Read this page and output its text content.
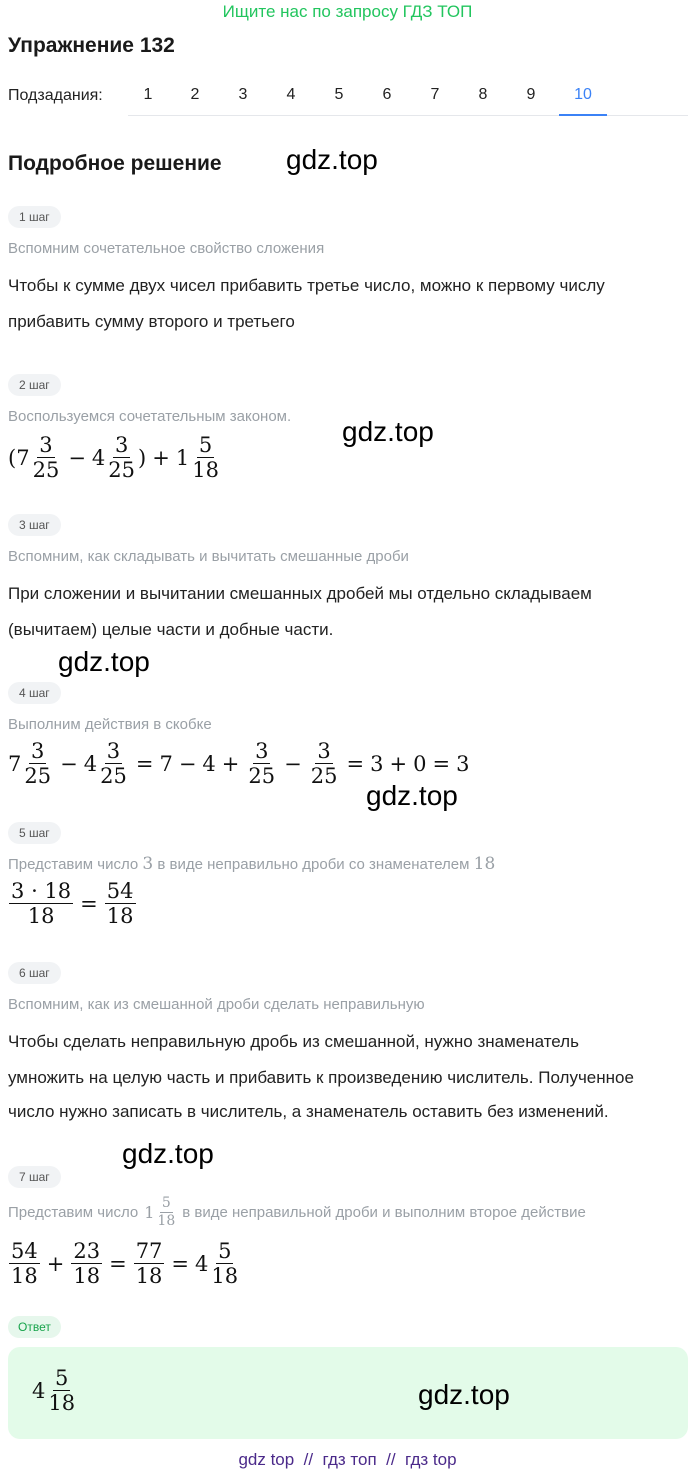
Ищите нас по запросу ГДЗ ТОП
Упражнение 132
Подзадания:	1	2	3	4	5	6	7	8	9	10
Подробное решение gdz.top
1 шаг
Вспомним сочетательное свойство сложения
Чтобы к сумме двух чисел прибавить третье число, можно к первому числу
прибавить сумму второго и третьего
2 шаг
Воспользуемся сочетательным законом. gdz.top
( $7 \frac{3}{25} - 4 \frac{3}{25}$ ) + $1 \frac{5}{18}$
3 шаг
Вспомним, как складывать и вычитать смешанные дроби
При сложении и вычитании смешанных дробей мы отдельно складываем
(вычитаем) целые части и добные части.
gdz.top
4 шаг
Выполним действия в скобке
$7 \frac{3}{25} - 4 \frac{3}{25} = 7 - 4 + \frac{3}{25} - \frac{3}{25} = 3 + 0 = 3$
gdz.top
5 шаг
Представим число 3 в виде неправильно дроби со знаменателем 18
$\frac{3 \cdot 18}{18} = \frac{54}{18}$
6 шаг
Вспомним, как из смешанной дроби сделать неправильную
Чтобы сделать неправильную дробь из смешанной, нужно знаменатель
умножить на целую часть и прибавить к произведению числитель. Полученное
число нужно записать в числитель, а знаменатель оставить без изменений.
gdz.top
7 шаг
Представим число $1 \frac{5}{18}$ в виде неправильной дроби и выполним второе действие
$\frac{54}{18} + \frac{23}{18} = \frac{77}{18} = 4 \frac{5}{18}$
Ответ
$4 \frac{5}{18}$	gdz.top
gdz top  //  гдз топ  //  гдз top
